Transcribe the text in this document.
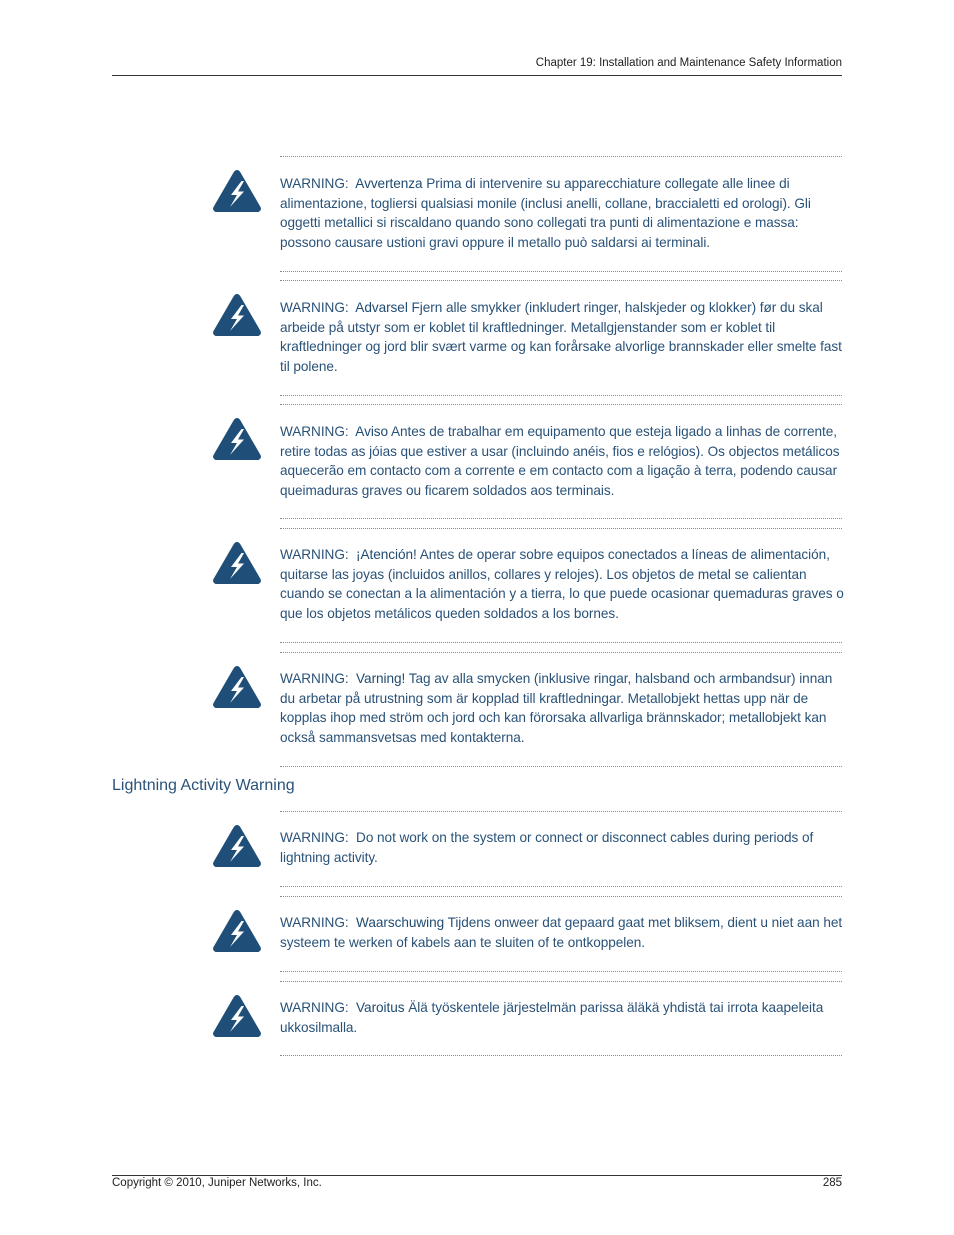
Chapter 19: Installation and Maintenance Safety Information
WARNING: Avvertenza Prima di intervenire su apparecchiature collegate alle linee di alimentazione, togliersi qualsiasi monile (inclusi anelli, collane, braccialetti ed orologi). Gli oggetti metallici si riscaldano quando sono collegati tra punti di alimentazione e massa: possono causare ustioni gravi oppure il metallo può saldarsi ai terminali.
WARNING: Advarsel Fjern alle smykker (inkludert ringer, halskjeder og klokker) før du skal arbeide på utstyr som er koblet til kraftledninger. Metallgjenstander som er koblet til kraftledninger og jord blir svært varme og kan forårsake alvorlige brannskader eller smelte fast til polene.
WARNING: Aviso Antes de trabalhar em equipamento que esteja ligado a linhas de corrente, retire todas as jóias que estiver a usar (incluindo anéis, fios e relógios). Os objectos metálicos aquecerão em contacto com a corrente e em contacto com a ligação à terra, podendo causar queimaduras graves ou ficarem soldados aos terminais.
WARNING: ¡Atención! Antes de operar sobre equipos conectados a líneas de alimentación, quitarse las joyas (incluidos anillos, collares y relojes). Los objetos de metal se calientan cuando se conectan a la alimentación y a tierra, lo que puede ocasionar quemaduras graves o que los objetos metálicos queden soldados a los bornes.
WARNING: Varning! Tag av alla smycken (inklusive ringar, halsband och armbandsur) innan du arbetar på utrustning som är kopplad till kraftledningar. Metallobjekt hettas upp när de kopplas ihop med ström och jord och kan förorsaka allvarliga brännskador; metallobjekt kan också sammansvetsas med kontakterna.
Lightning Activity Warning
WARNING: Do not work on the system or connect or disconnect cables during periods of lightning activity.
WARNING: Waarschuwing Tijdens onweer dat gepaard gaat met bliksem, dient u niet aan het systeem te werken of kabels aan te sluiten of te ontkoppelen.
WARNING: Varoitus Älä työskentele järjestelmän parissa äläkä yhdistä tai irrota kaapeleita ukkosilmalla.
Copyright © 2010, Juniper Networks, Inc.	285
